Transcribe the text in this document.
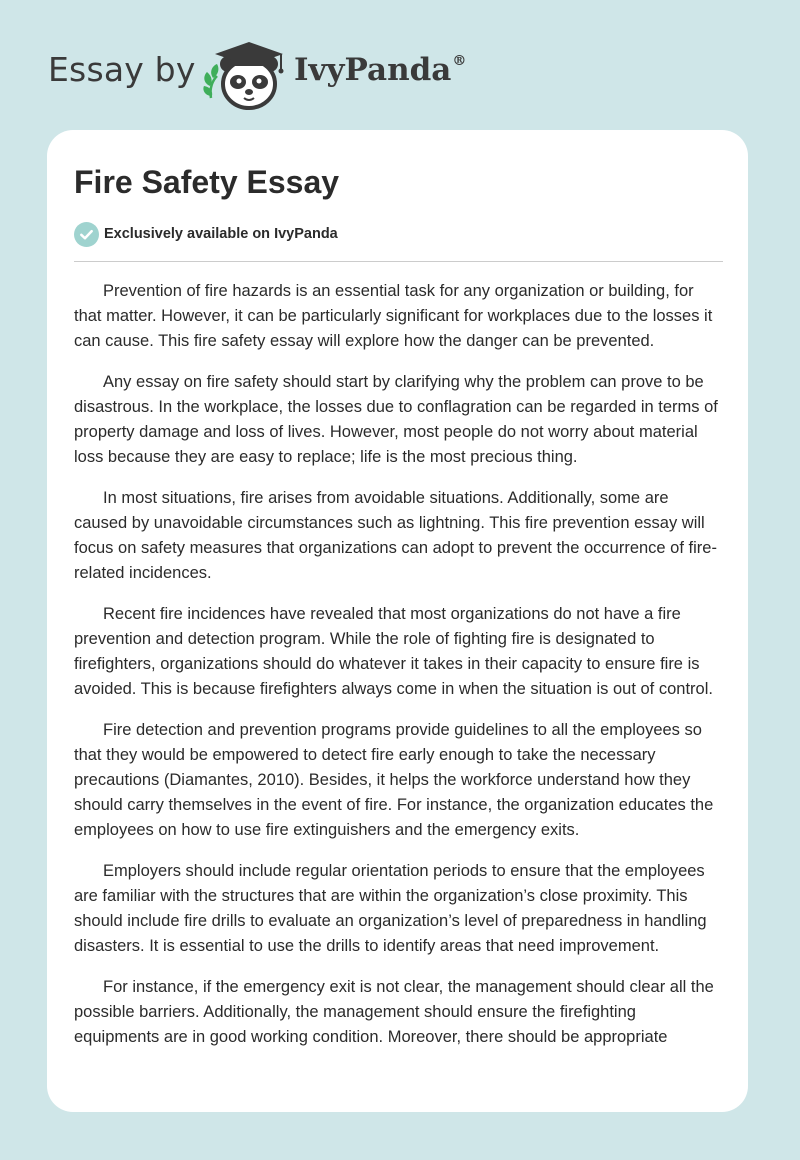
Essay by	IvyPanda®
Fire Safety Essay
Exclusively available on IvyPanda

Prevention of fire hazards is an essential task for any organization or building, for that matter. However, it can be particularly significant for workplaces due to the losses it can cause. This fire safety essay will explore how the danger can be prevented.

Any essay on fire safety should start by clarifying why the problem can prove to be disastrous. In the workplace, the losses due to conflagration can be regarded in terms of property damage and loss of lives. However, most people do not worry about material loss because they are easy to replace; life is the most precious thing.

In most situations, fire arises from avoidable situations. Additionally, some are caused by unavoidable circumstances such as lightning. This fire prevention essay will focus on safety measures that organizations can adopt to prevent the occurrence of fire-related incidences.

Recent fire incidences have revealed that most organizations do not have a fire prevention and detection program. While the role of fighting fire is designated to firefighters, organizations should do whatever it takes in their capacity to ensure fire is avoided. This is because firefighters always come in when the situation is out of control.

Fire detection and prevention programs provide guidelines to all the employees so that they would be empowered to detect fire early enough to take the necessary precautions (Diamantes, 2010). Besides, it helps the workforce understand how they should carry themselves in the event of fire. For instance, the organization educates the employees on how to use fire extinguishers and the emergency exits.

Employers should include regular orientation periods to ensure that the employees are familiar with the structures that are within the organization’s close proximity. This should include fire drills to evaluate an organization’s level of preparedness in handling disasters. It is essential to use the drills to identify areas that need improvement.

For instance, if the emergency exit is not clear, the management should clear all the possible barriers. Additionally, the management should ensure the firefighting equipments are in good working condition. Moreover, there should be appropriate
